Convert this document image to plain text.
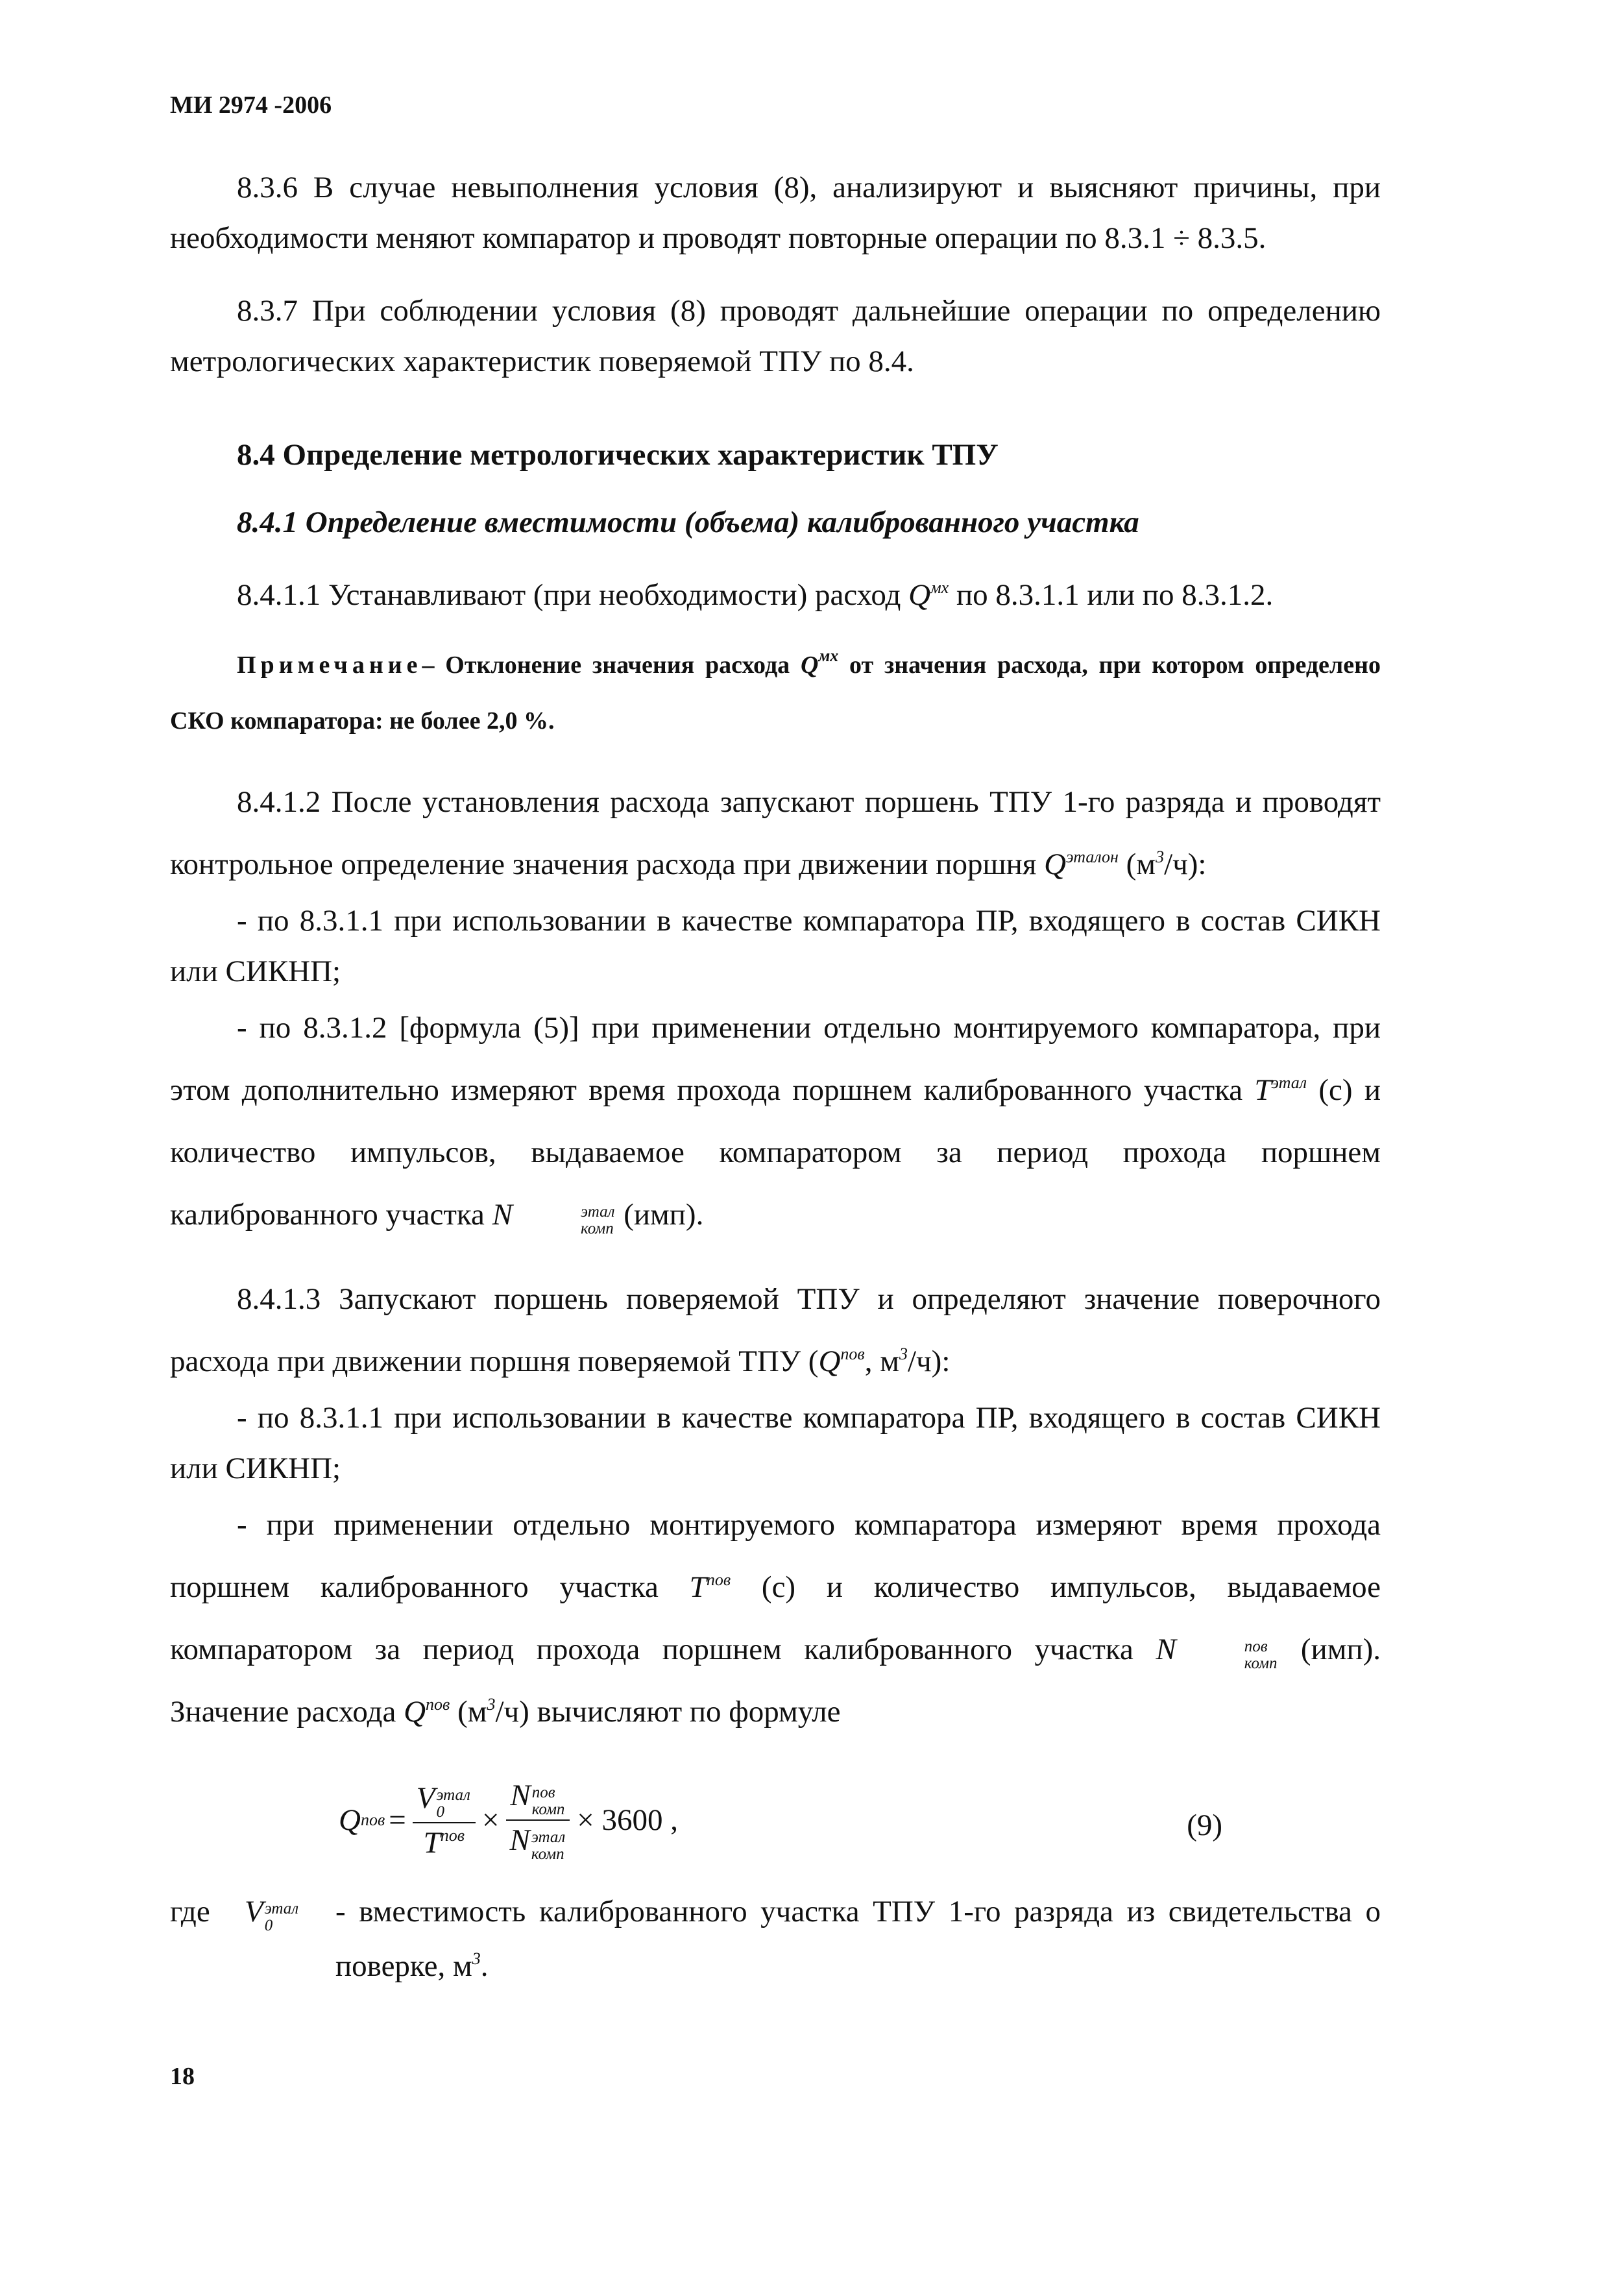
МИ 2974 -2006

8.3.6 В случае невыполнения условия (8), анализируют и выясняют причины, при необходимости меняют компаратор и проводят повторные операции по 8.3.1 ÷ 8.3.5.

8.3.7 При соблюдении условия (8) проводят дальнейшие операции по определению метрологических характеристик поверяемой ТПУ по 8.4.

8.4 Определение метрологических характеристик ТПУ

8.4.1 Определение вместимости (объема) калиброванного участка

8.4.1.1 Устанавливают (при необходимости) расход $Q^{мх}$ по 8.3.1.1 или по 8.3.1.2.

Примечание– Отклонение значения расхода $Q^{мх}$ от значения расхода, при котором определено СКО компаратора: не более 2,0 %.

8.4.1.2 После установления расхода запускают поршень ТПУ 1-го разряда и проводят контрольное определение значения расхода при движении поршня $Q^{эталон}$ $(м^3/ч)$:

- по 8.3.1.1 при использовании в качестве компаратора ПР, входящего в состав СИКН или СИКНП;

- по 8.3.1.2 [формула (5)] при применении отдельно монтируемого компаратора, при этом дополнительно измеряют время прохода поршнем калиброванного участка $T^{этал}$ (с) и количество импульсов, выдаваемое компаратором за период прохода поршнем калиброванного участка N	этал
комп (имп).

8.4.1.3 Запускают поршень поверяемой ТПУ и определяют значение поверочного расхода при движении поршня поверяемой ТПУ ($Q^{пов}$, $м^3/ч$):

- по 8.3.1.1 при использовании в качестве компаратора ПР, входящего в состав СИКН или СИКНП;

- при применении отдельно монтируемого компаратора измеряют время прохода поршнем калиброванного участка $T^{пов}$ (с) и количество импульсов, выдаваемое компаратором за период прохода поршнем калиброванного участка N	пов
комп (имп). Значение расхода $Q^{пов}$ $(м^3/ч)$ вычисляют по формуле

Q пов = V этал
0
$T^{пов} \times N$ пов
комп
N этал
комп × 3600 ,	(9)
где	V этал
0	- вместимость калиброванного участка ТПУ 1-го разряда из свидетельства о поверке, $м^3$.
18
